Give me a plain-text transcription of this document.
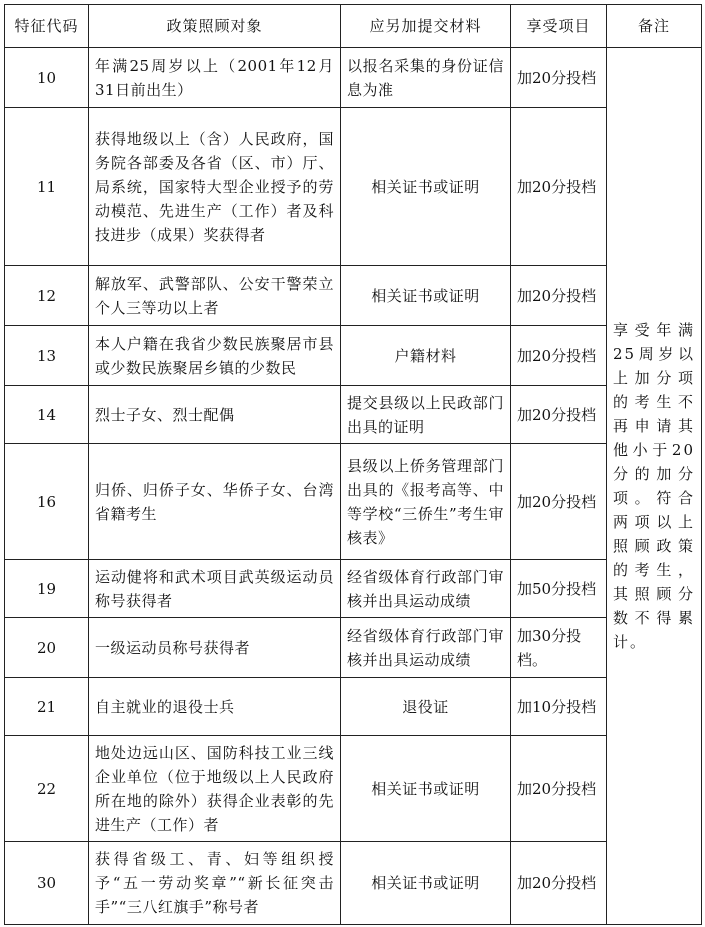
特征代码	政策照顾对象	应另加提交材料	享受项目	备注
10	年满25周岁以上（2001年12月31日前出生）	以报名采集的身份证信息为准	加20分投档	享受年满25周岁以上加分项的考生不再申请其他小于20分的加分项。符合两项以上照顾政策的考生，其照顾分数不得累计。
11	获得地级以上（含）人民政府，国务院各部委及各省（区、市）厅、局系统，国家特大型企业授予的劳动模范、先进生产（工作）者及科技进步（成果）奖获得者	相关证书或证明	加20分投档	
12	解放军、武警部队、公安干警荣立个人三等功以上者	相关证书或证明	加20分投档	
13	本人户籍在我省少数民族聚居市县或少数民族聚居乡镇的少数民	户籍材料	加20分投档	
14	烈士子女、烈士配偶	提交县级以上民政部门出具的证明	加20分投档	
16	归侨、归侨子女、华侨子女、台湾省籍考生	县级以上侨务管理部门出具的《报考高等、中等学校“三侨生”考生审核表》	加20分投档	
19	运动健将和武术项目武英级运动员称号获得者	经省级体育行政部门审核并出具运动成绩	加50分投档	
20	一级运动员称号获得者	经省级体育行政部门审核并出具运动成绩	加30分投档。	
21	自主就业的退役士兵	退役证	加10分投档	
22	地处边远山区、国防科技工业三线企业单位（位于地级以上人民政府所在地的除外）获得企业表彰的先进生产（工作）者	相关证书或证明	加20分投档	
30	获得省级工、青、妇等组织授予“五一劳动奖章”“新长征突击手”“三八红旗手”称号者	相关证书或证明	加20分投档	
